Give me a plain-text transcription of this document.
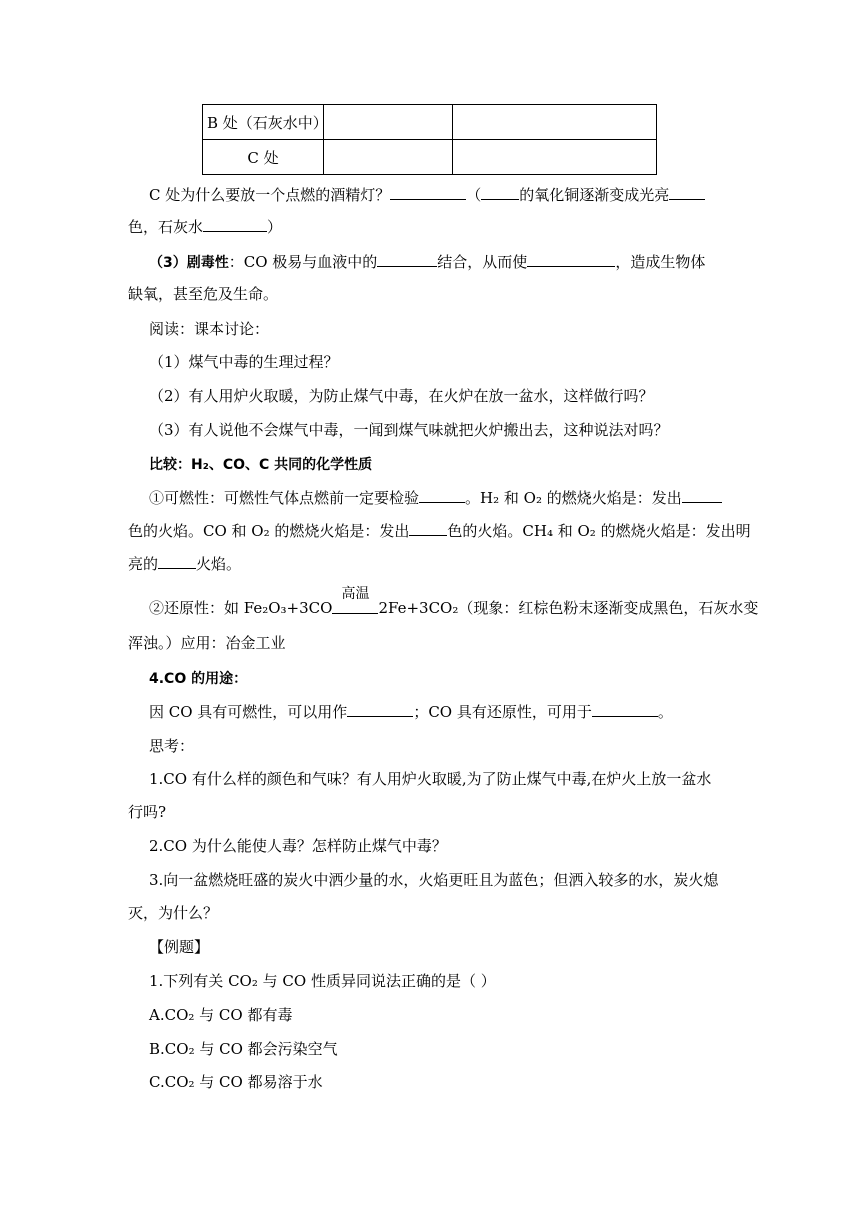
B 处（石灰水中）		
C 处		
C 处为什么要放一个点燃的酒精灯？	（	的氧化铜逐渐变成光亮
色，石灰水	）
（3）剧毒性：CO 极易与血液中的	结合，从而使	，造成生物体
缺氧，甚至危及生命。
阅读：课本讨论：
（1）煤气中毒的生理过程？
（2）有人用炉火取暖，为防止煤气中毒，在火炉在放一盆水，这样做行吗？
（3）有人说他不会煤气中毒，一闻到煤气味就把火炉搬出去，这种说法对吗？
比较：H₂、CO、C 共同的化学性质
①可燃性：可燃性气体点燃前一定要检验	。H₂ 和 O₂ 的燃烧火焰是：发出
色的火焰。CO 和 O₂ 的燃烧火焰是：发出	色的火焰。CH₄ 和 O₂ 的燃烧火焰是：发出明
亮的	火焰。
②还原性：如 Fe₂O₃+3CO
高温
2Fe+3CO₂（现象：红棕色粉末逐渐变成黑色，石灰水变
浑浊。）应用：冶金工业
4.CO 的用途：
因 CO 具有可燃性，可以用作	；CO 具有还原性，可用于	。
思考：
1.CO 有什么样的颜色和气味？有人用炉火取暖,为了防止煤气中毒,在炉火上放一盆水
行吗?
2.CO 为什么能使人毒？怎样防止煤气中毒？
3.向一盆燃烧旺盛的炭火中洒少量的水，火焰更旺且为蓝色；但洒入较多的水，炭火熄
灭，为什么？
【例题】
1.下列有关 CO₂ 与 CO 性质异同说法正确的是（ ）
A.CO₂ 与 CO 都有毒
B.CO₂ 与 CO 都会污染空气
C.CO₂ 与 CO 都易溶于水
